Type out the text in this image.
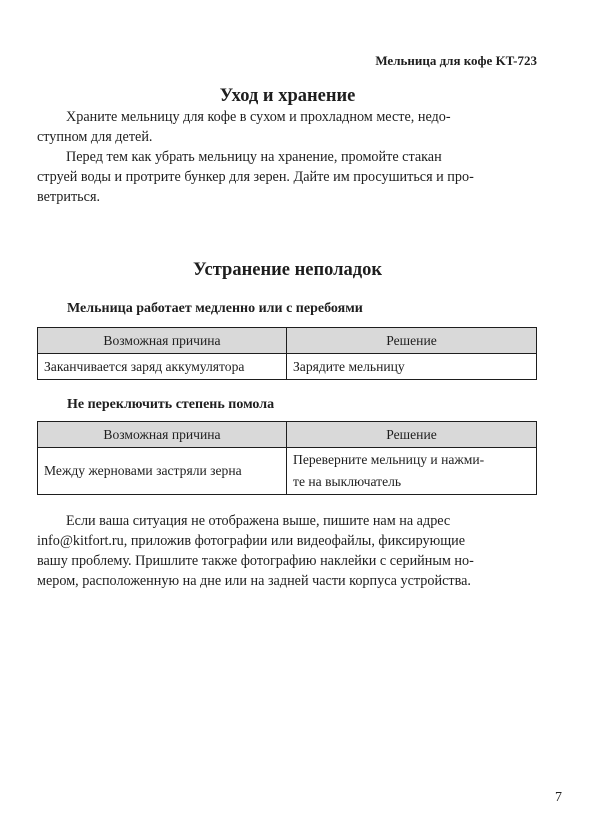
Мельница для кофе KT-723
Уход и хранение
Храните мельницу для кофе в сухом и прохладном месте, недо-
ступном для детей.
Перед тем как убрать мельницу на хранение, промойте стакан
струей воды и протрите бункер для зерен. Дайте им просушиться и про-
ветриться.
Устранение неполадок
Мельница работает медленно или с перебоями
Возможная причина	Решение
Заканчивается заряд аккумулятора	Зарядите мельницу
Не переключить степень помола
Возможная причина	Решение
Между жерновами застряли зерна	Переверните мельницу и нажми-
те на выключатель
Если ваша ситуация не отображена выше, пишите нам на адрес
info@kitfort.ru, приложив фотографии или видеофайлы, фиксирующие
вашу проблему. Пришлите также фотографию наклейки с серийным но-
мером, расположенную на дне или на задней части корпуса устройства.
7
